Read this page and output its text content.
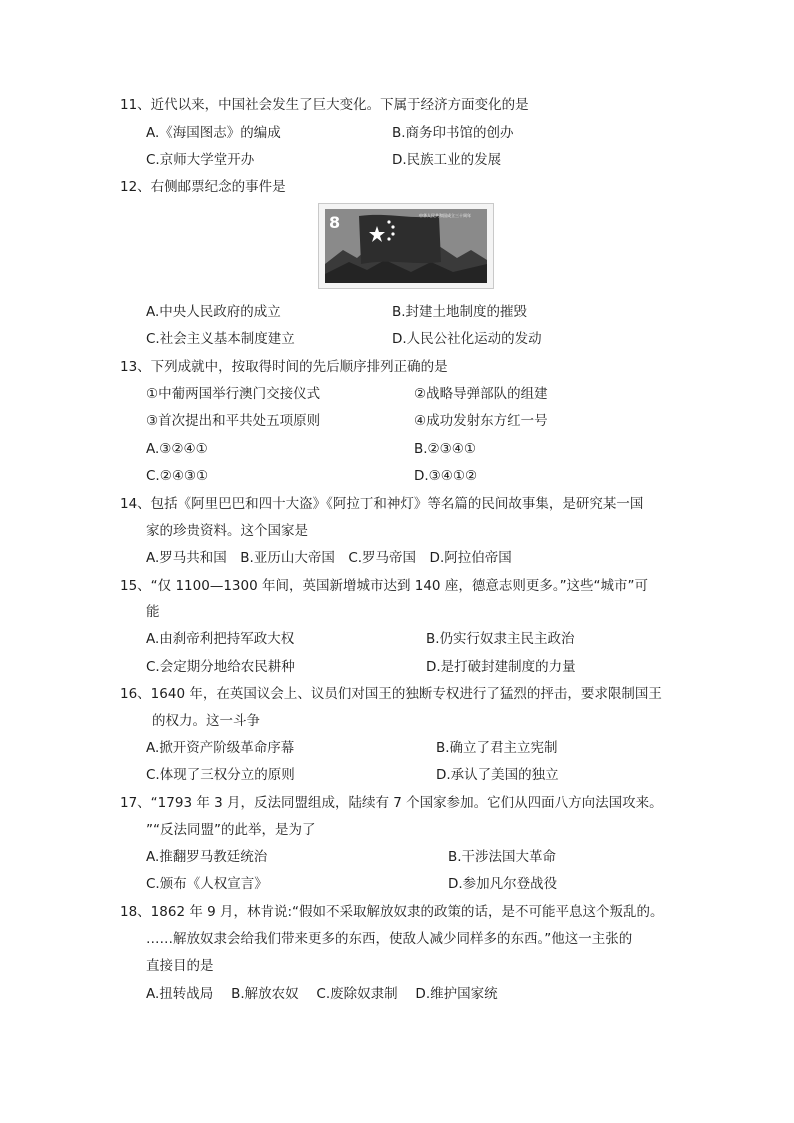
11、近代以来，中国社会发生了巨大变化。下属于经济方面变化的是
A.《海国图志》的编成	B.商务印书馆的创办
C.京师大学堂开办	D.民族工业的发展
12、右侧邮票纪念的事件是
8	中华人民共和国成立三十周年
A.中央人民政府的成立	B.封建土地制度的摧毁
C.社会主义基本制度建立	D.人民公社化运动的发动
13、下列成就中，按取得时间的先后顺序排列正确的是
①中葡两国举行澳门交接仪式	②战略导弹部队的组建
③首次提出和平共处五项原则	④成功发射东方红一号
A.③②④①	B.②③④①
C.②④③①	D.③④①②
14、包括《阿里巴巴和四十大盗》《阿拉丁和神灯》等名篇的民间故事集，是研究某一国
家的珍贵资料。这个国家是
A.罗马共和国　B.亚历山大帝国　C.罗马帝国　D.阿拉伯帝国
15、“仅 1100—1300 年间，英国新增城市达到 140 座，德意志则更多。”这些“城市”可
能
A.由刹帝利把持军政大权	B.仍实行奴隶主民主政治
C.会定期分地给农民耕种	D.是打破封建制度的力量
16、1640 年，在英国议会上、议员们对国王的独断专权进行了猛烈的抨击，要求限制国王
的权力。这一斗争
A.掀开资产阶级革命序幕	B.确立了君主立宪制
C.体现了三权分立的原则	D.承认了美国的独立
17、“1793 年 3 月，反法同盟组成，陆续有 7 个国家参加。它们从四面八方向法国攻来。
”“反法同盟”的此举，是为了
A.推翻罗马教廷统治	B.干涉法国大革命
C.颁布《人权宣言》	D.参加凡尔登战役
18、1862 年 9 月，林肯说:“假如不采取解放奴隶的政策的话，是不可能平息这个叛乱的。
……解放奴隶会给我们带来更多的东西，使敌人减少同样多的东西。”他这一主张的
直接目的是
A.扭转战局　 B.解放农奴　 C.废除奴隶制　 D.维护国家统
